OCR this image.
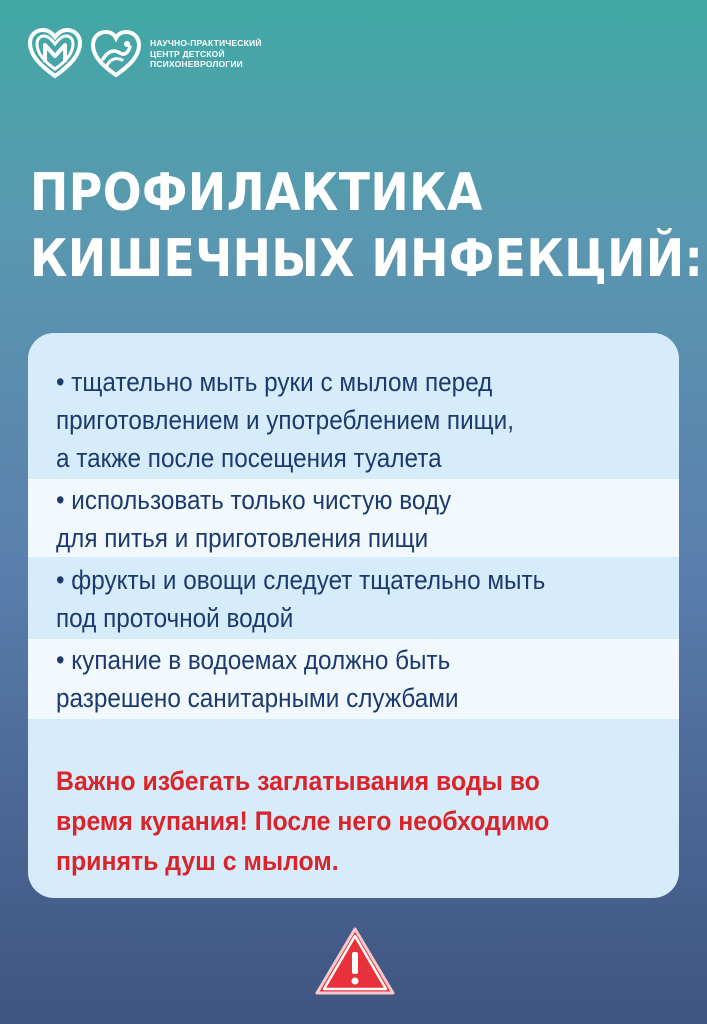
НАУЧНО-ПРАКТИЧЕСКИЙ
ЦЕНТР ДЕТСКОЙ
ПСИХОНЕВРОЛОГИИ
ПРОФИЛАКТИКА
КИШЕЧНЫХ ИНФЕКЦИЙ:
• тщательно мыть руки с мылом перед
приготовлением и употреблением пищи,
а также после посещения туалета
• использовать только чистую воду
для питья и приготовления пищи
• фрукты и овощи следует тщательно мыть
под проточной водой
• купание в водоемах должно быть
разрешено санитарными службами
Важно избегать заглатывания воды во
время купания! После него необходимо
принять душ с мылом.
